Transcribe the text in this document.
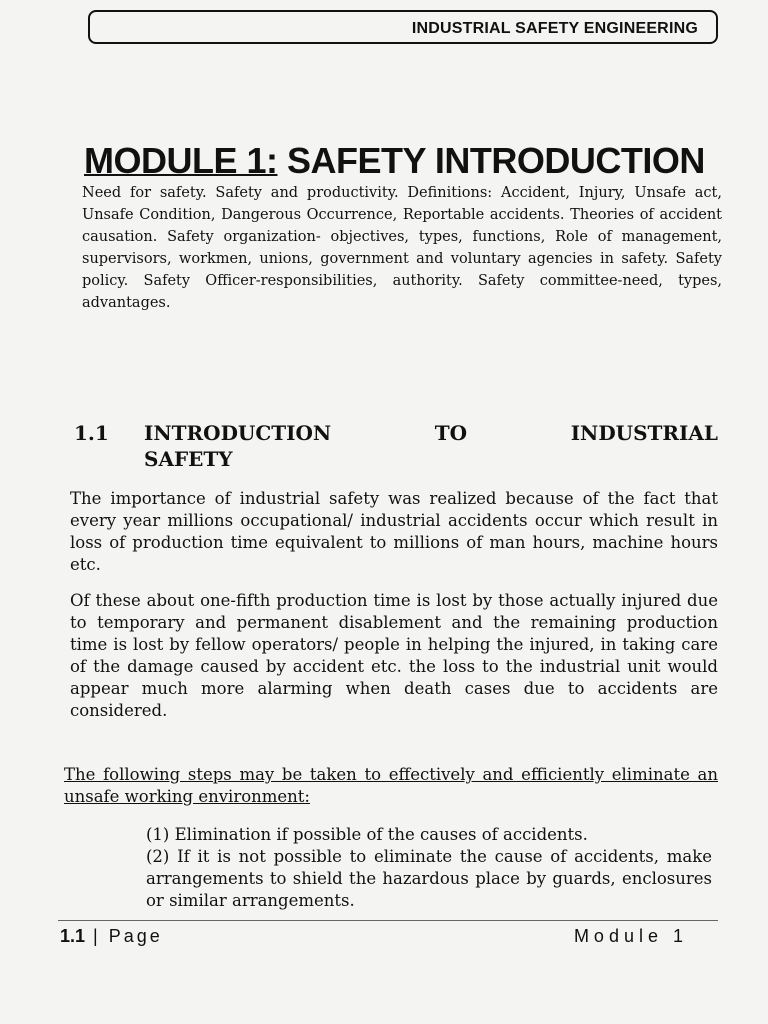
INDUSTRIAL SAFETY ENGINEERING
MODULE 1: SAFETY INTRODUCTION
Need for safety. Safety and productivity. Definitions: Accident, Injury, Unsafe act, Unsafe Condition, Dangerous Occurrence, Reportable accidents. Theories of accident causation. Safety organization- objectives, types, functions, Role of management, supervisors, workmen, unions, government and voluntary agencies in safety. Safety policy. Safety Officer-responsibilities, authority. Safety committee-need, types, advantages.
1.1 INTRODUCTION TO INDUSTRIAL
SAFETY
The importance of industrial safety was realized because of the fact that every year millions occupational/ industrial accidents occur which result in loss of production time equivalent to millions of man hours, machine hours etc.
Of these about one-fifth production time is lost by those actually injured due to temporary and permanent disablement and the remaining production time is lost by fellow operators/ people in helping the injured, in taking care of the damage caused by accident etc. the loss to the industrial unit would appear much more alarming when death cases due to accidents are considered.
The following steps may be taken to effectively and efficiently eliminate an unsafe working environment:
(1) Elimination if possible of the causes of accidents.
(2) If it is not possible to eliminate the cause of accidents, make arrangements to shield the hazardous place by guards, enclosures or similar arrangements.
1.1 | Page	Module 1
